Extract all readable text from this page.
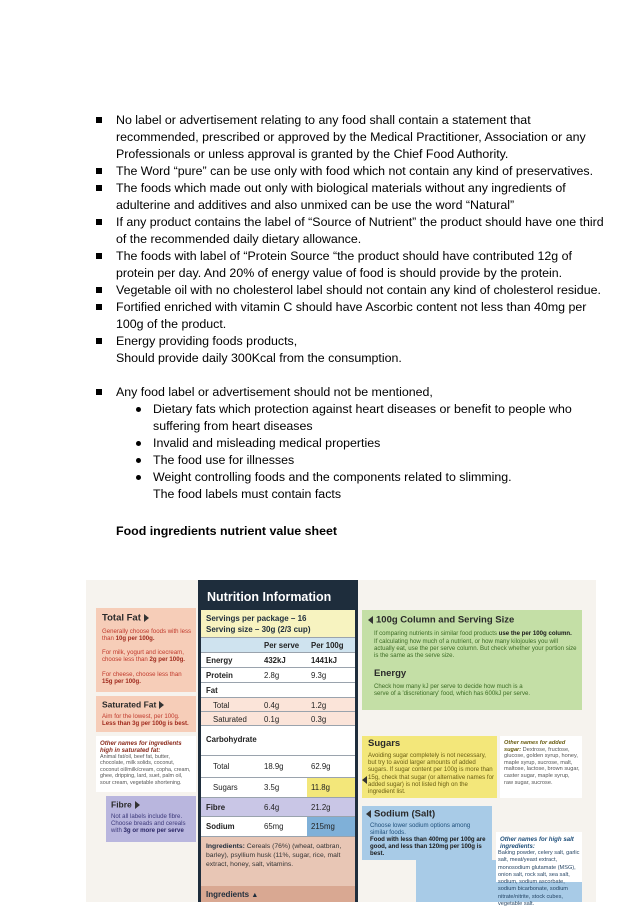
No label or advertisement relating to any food shall contain a statement that recommended, prescribed or approved by the Medical Practitioner, Association or any Professionals or unless approval is granted by the Chief Food Authority.
The Word “pure” can be use only with food which not contain any kind of preservatives.
The foods which made out only with biological materials without any ingredients of adulterine and additives and also unmixed can be use the word “Natural”
If any product contains the label of “Source of Nutrient” the product should have one third of the recommended daily dietary allowance.
The foods with label of “Protein Source “the product should have contributed 12g of protein per day. And 20% of energy value of food is should provide by the protein.
Vegetable oil with no cholesterol label should not contain any kind of cholesterol residue.
Fortified enriched with vitamin C should have Ascorbic content not less than 40mg per 100g of the product.
Energy providing foods products,
Should provide daily 300Kcal from the consumption.
Any food label or advertisement should not be mentioned,
Dietary fats which protection against heart diseases or benefit to people who suffering from heart diseases
Invalid and misleading medical properties
The food use for illnesses
Weight controlling foods and the components related to slimming.
The food labels must contain facts
Food ingredients nutrient value sheet
Total Fat
Generally choose foods with less than 10g per 100g.
For milk, yogurt and icecream, choose less than 2g per 100g.
For cheese, choose less than 15g per 100g.
Saturated Fat
Aim for the lowest, per 100g.
Less than 3g per 100g is best.
Other names for ingredients high in saturated fat:
Animal fat/oil, beef fat, butter, chocolate, milk solids, coconut, coconut oil/milk/cream, copha, cream, ghee, dripping, lard, suet, palm oil, sour cream, vegetable shortening.
Fibre
Not all labels include fibre. Choose breads and cereals with 3g or more per serve
Nutrition Information
Servings per package – 16
Serving size – 30g (2/3 cup)
Per serve Per 100g
Energy	432kJ	1441kJ
Protein	2.8g	9.3g
Fat
Total	0.4g	1.2g
Saturated 0.1g	0.3g
Carbohydrate
Total	18.9g	62.9g
Sugars	3.5g	11.8g
Fibre	6.4g	21.2g
Sodium	65mg	215mg
Ingredients: Cereals (76%) (wheat, oatbran, barley), psyllium husk (11%, sugar, rice, malt extract, honey, salt, vitamins.
Ingredients ▲
100g Column and Serving Size
If comparing nutrients in similar food products use the per 100g column.
If calculating how much of a nutrient, or how many kilojoules you will actually eat, use the per serve column. But check whether your portion size is the same as the serve size.
Energy
Check how many kJ per serve to decide how much is a serve of a 'discretionary' food, which has 600kJ per serve.
Sugars
Avoiding sugar completely is not necessary, but try to avoid larger amounts of added sugars. If sugar content per 100g is more than 15g, check that sugar (or alternative names for added sugar) is not listed high on the ingredient list.
Other names for added sugar: Dextrose, fructose, glucose, golden syrup, honey, maple syrup, sucrose, malt, maltose, lactose, brown sugar, caster sugar, maple syrup, raw sugar, sucrose.
Sodium (Salt)
Choose lower sodium options among similar foods.
Food with less than 400mg per 100g are good, and less than 120mg per 100g is best.
Other names for high salt ingredients:
Baking powder, celery salt, garlic salt, meat/yeast extract, monosodium glutamate (MSG), onion salt, rock salt, sea salt, sodium, sodium ascorbate, sodium bicarbonate, sodium nitrate/nitrite, stock cubes, vegetable salt.
